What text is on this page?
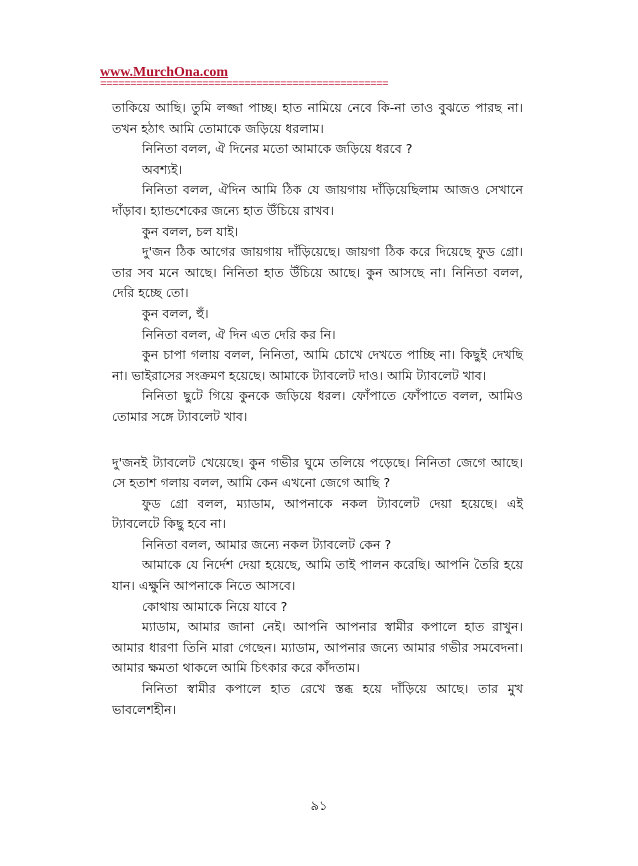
www.MurchOna.com
================================================

তাকিয়ে আছি। তুমি লজ্জা পাচ্ছ। হাত নামিয়ে নেবে কি-না তাও বুঝতে পারছ না। তখন হঠাৎ আমি তোমাকে জড়িয়ে ধরলাম।

নিনিতা বলল, ঐ দিনের মতো আমাকে জড়িয়ে ধরবে ?

অবশ্যই।

নিনিতা বলল, ঐদিন আমি ঠিক যে জায়গায় দাঁড়িয়েছিলাম আজও সেখানে দাঁড়াব। হ্যান্ডশেকের জন্যে হাত উঁচিয়ে রাখব।

কুন বলল, চল যাই।

দু'জন ঠিক আগের জায়গায় দাঁড়িয়েছে। জায়গা ঠিক করে দিয়েছে ফুড গ্রো। তার সব মনে আছে। নিনিতা হাত উঁচিয়ে আছে। কুন আসছে না। নিনিতা বলল, দেরি হচ্ছে তো।

কুন বলল, হুঁ।

নিনিতা বলল, ঐ দিন এত দেরি কর নি।

কুন চাপা গলায় বলল, নিনিতা, আমি চোখে দেখতে পাচ্ছি না। কিছুই দেখছি না। ভাইরাসের সংক্রমণ হয়েছে। আমাকে ট্যাবলেট দাও। আমি ট্যাবলেট খাব।

নিনিতা ছুটে গিয়ে কুনকে জড়িয়ে ধরল। ফোঁপাতে ফোঁপাতে বলল, আমিও তোমার সঙ্গে ট্যাবলেট খাব।

দু'জনই ট্যাবলেট খেয়েছে। কুন গভীর ঘুমে তলিয়ে পড়েছে। নিনিতা জেগে আছে। সে হতাশ গলায় বলল, আমি কেন এখনো জেগে আছি ?

ফুড গ্রো বলল, ম্যাডাম, আপনাকে নকল ট্যাবলেট দেয়া হয়েছে। এই ট্যাবলেটে কিছু হবে না।

নিনিতা বলল, আমার জন্যে নকল ট্যাবলেট কেন ?

আমাকে যে নির্দেশ দেয়া হয়েছে, আমি তাই পালন করেছি। আপনি তৈরি হয়ে যান। এক্ষুনি আপনাকে নিতে আসবে।

কোথায় আমাকে নিয়ে যাবে ?

ম্যাডাম, আমার জানা নেই। আপনি আপনার স্বামীর কপালে হাত রাখুন। আমার ধারণা তিনি মারা গেছেন। ম্যাডাম, আপনার জন্যে আমার গভীর সমবেদনা। আমার ক্ষমতা থাকলে আমি চিৎকার করে কাঁদতাম।

নিনিতা স্বামীর কপালে হাত রেখে স্তব্ধ হয়ে দাঁড়িয়ে আছে। তার মুখ ভাবলেশহীন।

৯১
